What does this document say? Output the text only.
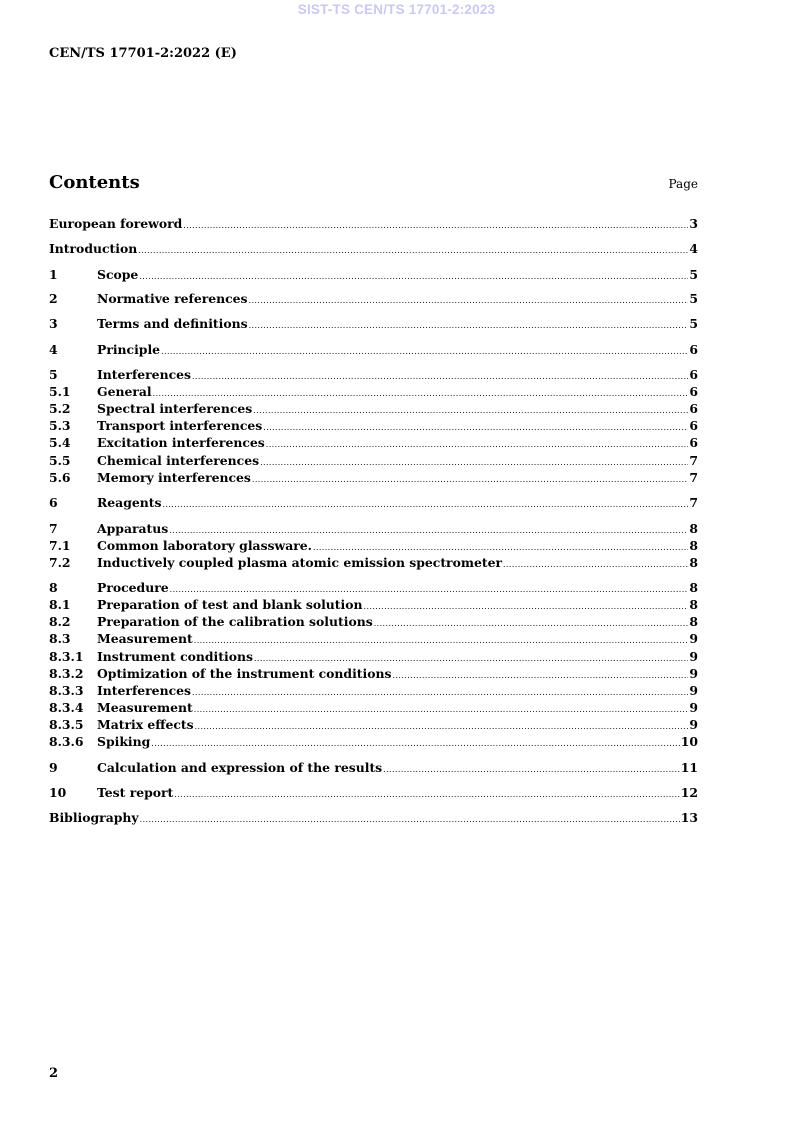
SIST-TS CEN/TS 17701-2:2023
CEN/TS 17701-2:2022 (E)
Contents	Page
European foreword .....	3
Introduction .....	4
1	Scope .....	5
2	Normative references .....	5
3	Terms and definitions .....	5
4	Principle .....	6
5	Interferences .....	6
5.1	General .....	6
5.2	Spectral interferences .....	6
5.3	Transport interferences .....	6
5.4	Excitation interferences .....	6
5.5	Chemical interferences .....	7
5.6	Memory interferences .....	7
6	Reagents .....	7
7	Apparatus .....	8
7.1	Common laboratory glassware. .....	8
7.2	Inductively coupled plasma atomic emission spectrometer .....	8
8	Procedure .....	8
8.1	Preparation of test and blank solution .....	8
8.2	Preparation of the calibration solutions .....	8
8.3	Measurement .....	9
8.3.1	Instrument conditions .....	9
8.3.2	Optimization of the instrument conditions .....	9
8.3.3	Interferences .....	9
8.3.4	Measurement .....	9
8.3.5	Matrix effects .....	9
8.3.6	Spiking .....	10
9	Calculation and expression of the results .....	11
10	Test report .....	12
Bibliography .....	13
2
